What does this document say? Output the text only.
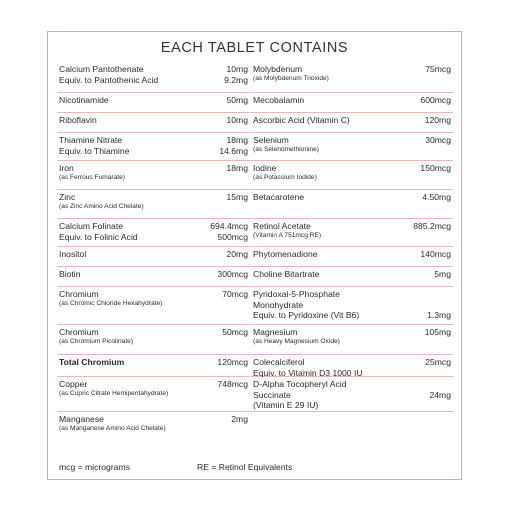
EACH TABLET CONTAINS
Calcium Pantothenate	10mg
Equiv. to Pantothenic Acid	9.2mg
Nicotinamide	50mg
Riboflavin	10mg
Thiamine Nitrate	18mg
Equiv. to Thiamine	14.6mg
Iron	18mg
(as Ferrous Fumarate)
Zinc	15mg
(as Zinc Amino Acid Chelate)
Calcium Folinate	694.4mcg
Equiv. to Folinic Acid	500mcg
Inositol	20mg
Biotin	300mcg
Chromium	70mcg
(as Chromic Chloride Hexahydrate)
Chromium	50mcg
(as Chromium Picolinate)
Total Chromium	120mcg
Copper	748mcg
(as Cupric Citrate Hemipentahydrate)
Manganese	2mg
(as Manganese Amino Acid Chelate)
Molybdenum	75mcg
(as Molybdenum Trioxide)
Mecobalamin	600mcg
Ascorbic Acid (Vitamin C)	120mg
Selenium	30mcg
(as Selenomethionine)
Iodine	150mcg
(as Potassium Iodide)
Betacarotene	4.50mg
Retinol Acetate	885.2mcg
(Vitamin A 751mcg RE)
Phytomenadione	140mcg
Choline Bitartrate	5mg
Pyridoxal-5-Phosphate
Monohydrate
Equiv. to Pyridoxine (Vit B6)	1.3mg
Magnesium	105mg
(as Heavy Magnesium Oxide)
Colecalciferol	25mcg
Equiv. to Vitamin D3 1000 IU
D-Alpha Tocopheryl Acid
Succinate	24mg
(Vitamin E 29 IU)
mcg = micrograms	RE = Retinol Equivalents
